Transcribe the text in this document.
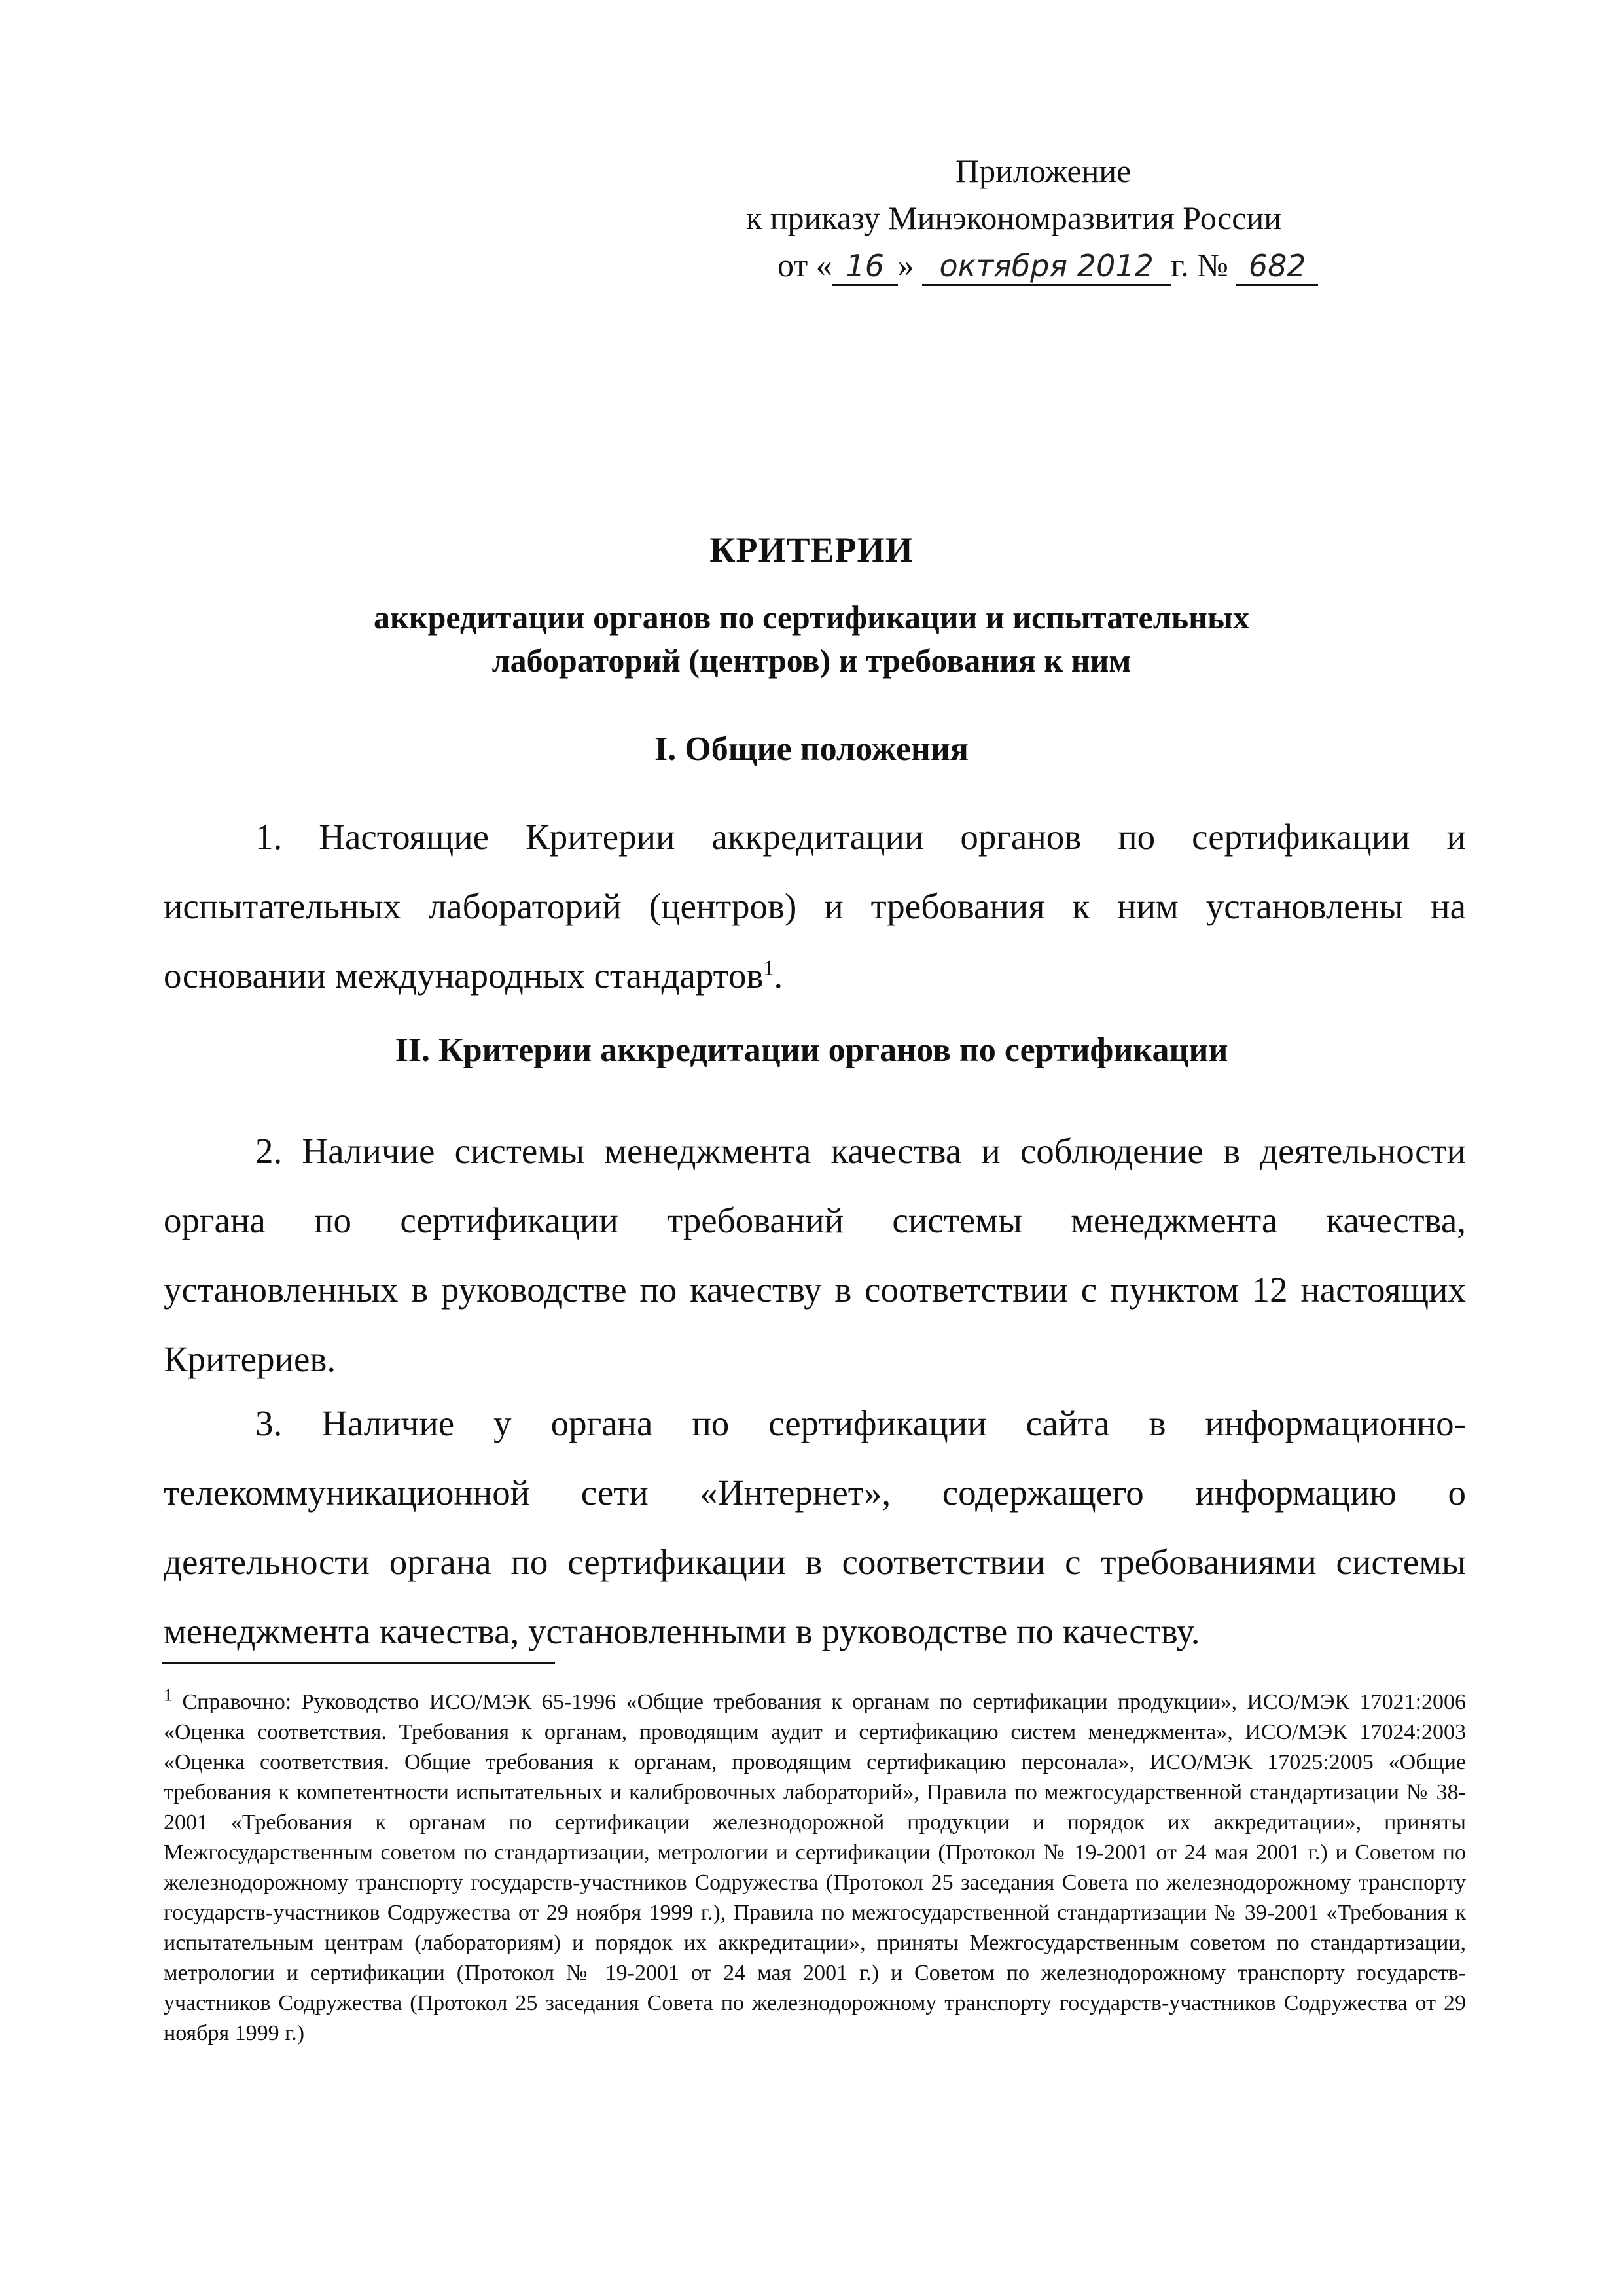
Приложение
к приказу Минэкономразвития России
от « 16 » октября 2012 г. № 682
КРИТЕРИИ
аккредитации органов по сертификации и испытательных
лабораторий (центров) и требования к ним
I. Общие положения
1. Настоящие Критерии аккредитации органов по сертификации и испытательных лабораторий (центров) и требования к ним установлены на основании международных стандартов$^1$.
II. Критерии аккредитации органов по сертификации
2. Наличие системы менеджмента качества и соблюдение в деятельности органа по сертификации требований системы менеджмента качества, установленных в руководстве по качеству в соответствии с пунктом 12 настоящих Критериев.
3. Наличие у органа по сертификации сайта в информационно-телекоммуникационной сети «Интернет», содержащего информацию о деятельности органа по сертификации в соответствии с требованиями системы менеджмента качества, установленными в руководстве по качеству.
$^1$ Справочно: Руководство ИСО/МЭК 65-1996 «Общие требования к органам по сертификации продукции», ИСО/МЭК 17021:2006 «Оценка соответствия. Требования к органам, проводящим аудит и сертификацию систем менеджмента», ИСО/МЭК 17024:2003 «Оценка соответствия. Общие требования к органам, проводящим сертификацию персонала», ИСО/МЭК 17025:2005 «Общие требования к компетентности испытательных и калибровочных лабораторий», Правила по межгосударственной стандартизации № 38-2001 «Требования к органам по сертификации железнодорожной продукции и порядок их аккредитации», приняты Межгосударственным советом по стандартизации, метрологии и сертификации (Протокол № 19-2001 от 24 мая 2001 г.) и Советом по железнодорожному транспорту государств-участников Содружества (Протокол 25 заседания Совета по железнодорожному транспорту государств-участников Содружества от 29 ноября 1999 г.), Правила по межгосударственной стандартизации № 39-2001 «Требования к испытательным центрам (лабораториям) и порядок их аккредитации», приняты Межгосударственным советом по стандартизации, метрологии и сертификации (Протокол № 19-2001 от 24 мая 2001 г.) и Советом по железнодорожному транспорту государств-участников Содружества (Протокол 25 заседания Совета по железнодорожному транспорту государств-участников Содружества от 29 ноября 1999 г.)
